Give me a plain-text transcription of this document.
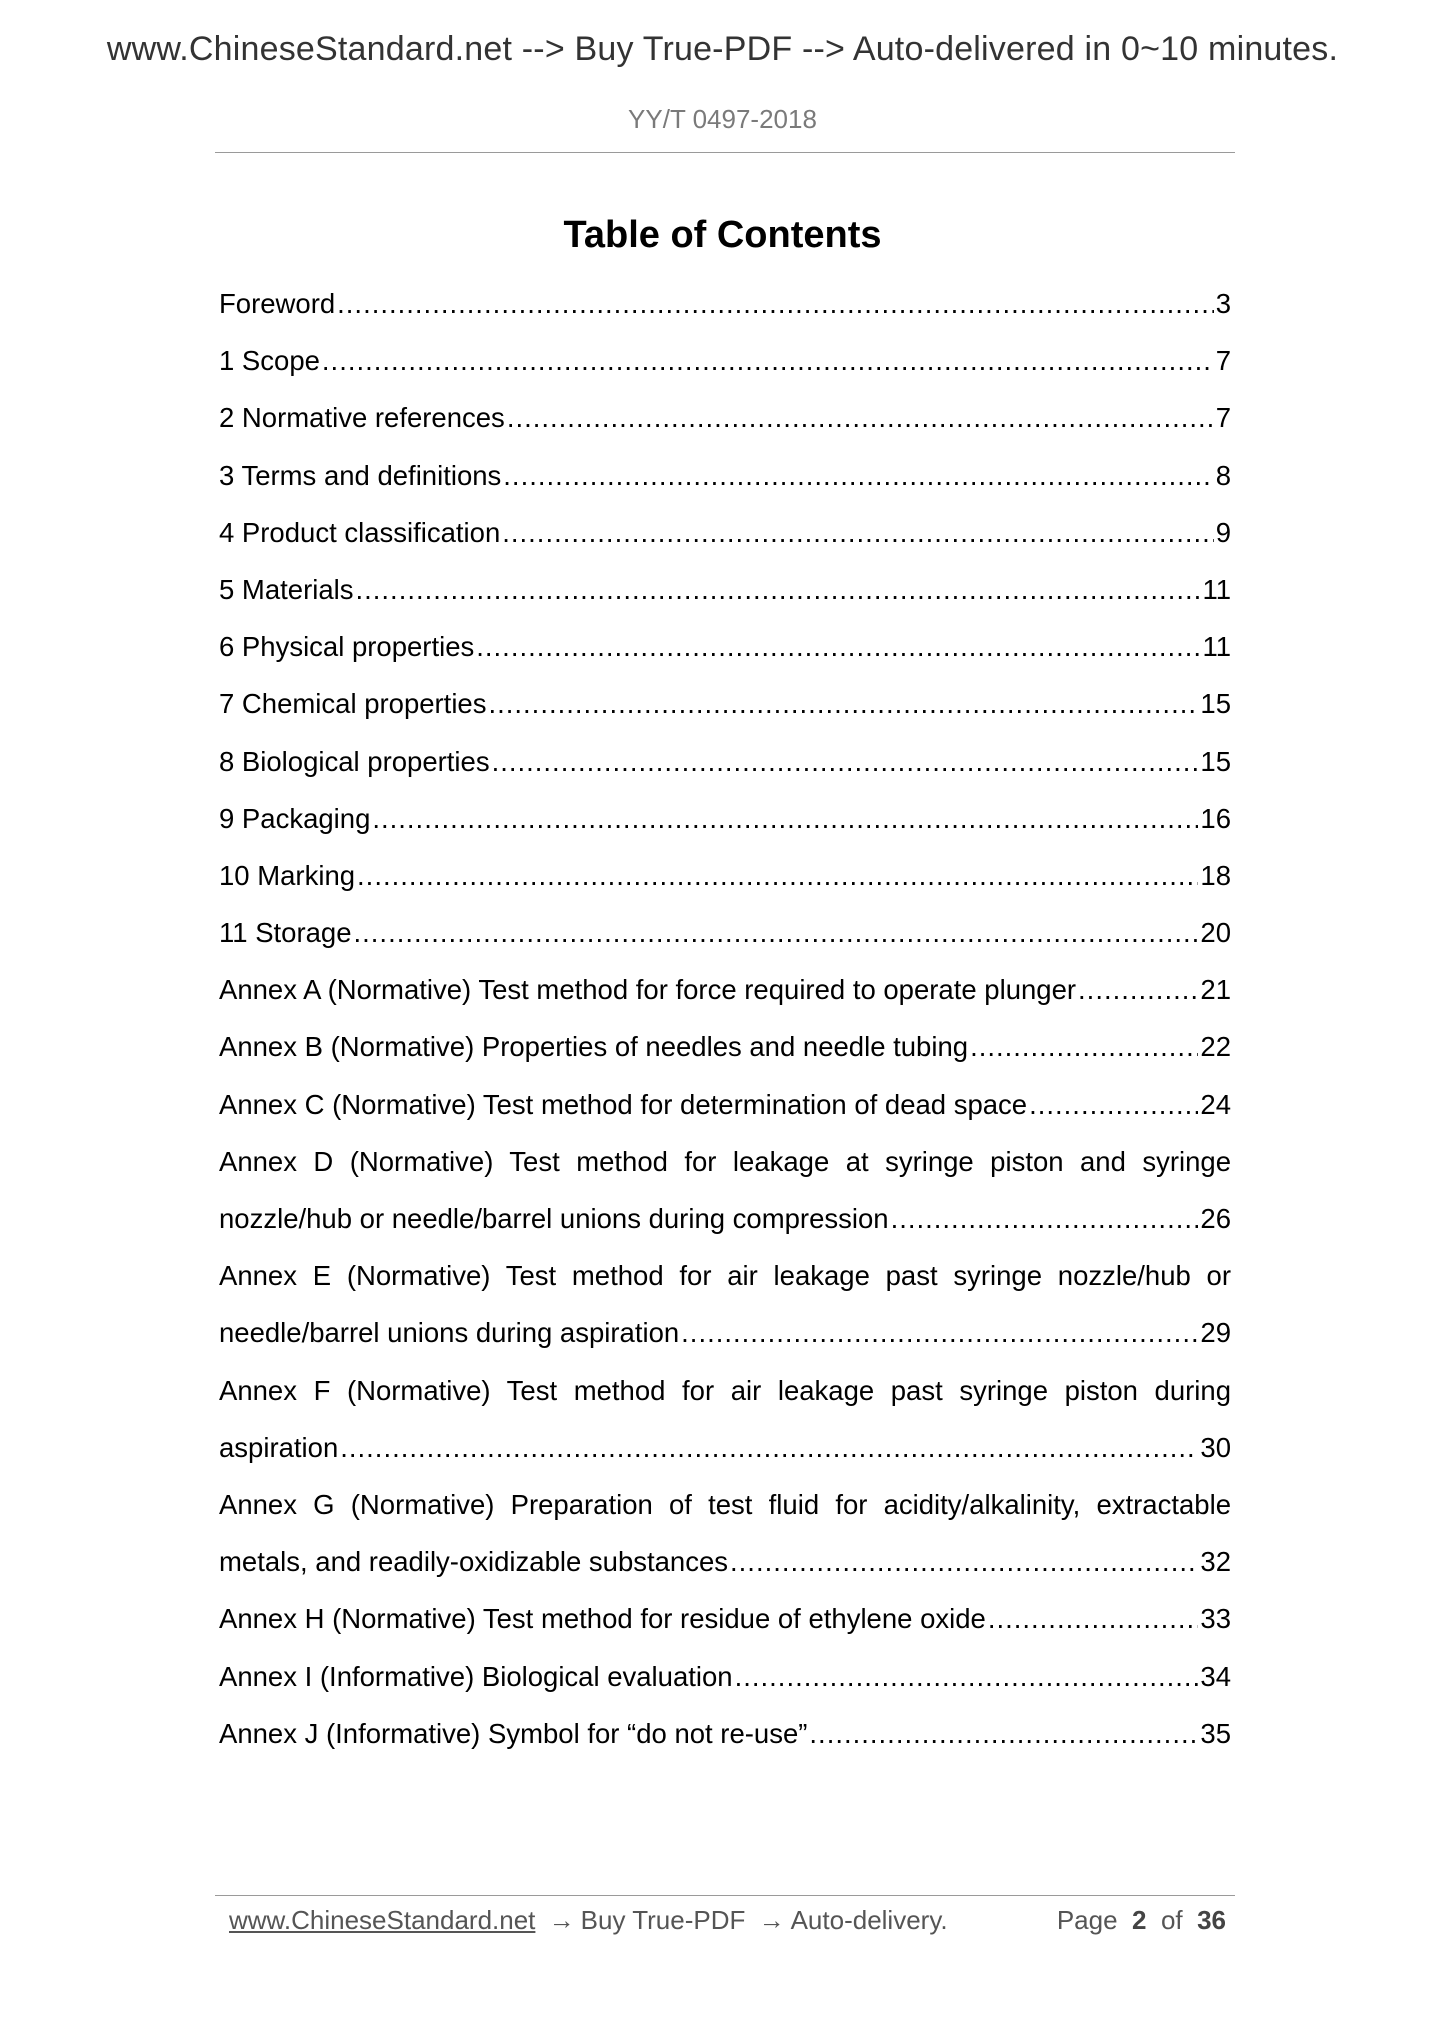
www.ChineseStandard.net --> Buy True-PDF --> Auto-delivered in 0~10 minutes.
YY/T 0497-2018
Table of Contents
Foreword .....	3
1 Scope .....	7
2 Normative references .....	7
3 Terms and definitions .....	8
4 Product classification .....	9
5 Materials .....	11
6 Physical properties .....	11
7 Chemical properties .....	15
8 Biological properties .....	15
9 Packaging .....	16
10 Marking .....	18
11 Storage .....	20
Annex A (Normative) Test method for force required to operate plunger .....	21
Annex B (Normative) Properties of needles and needle tubing .....	22
Annex C (Normative) Test method for determination of dead space .....	24
Annex D (Normative) Test method for leakage at syringe piston and syringe
nozzle/hub or needle/barrel unions during compression .....	26
Annex E (Normative) Test method for air leakage past syringe nozzle/hub or
needle/barrel unions during aspiration .....	29
Annex F (Normative) Test method for air leakage past syringe piston during
aspiration .....	30
Annex G (Normative) Preparation of test fluid for acidity/alkalinity, extractable
metals, and readily-oxidizable substances .....	32
Annex H (Normative) Test method for residue of ethylene oxide .....	33
Annex I (Informative) Biological evaluation .....	34
Annex J (Informative) Symbol for “do not re-use” .....	35
www.ChineseStandard.net → Buy True-PDF → Auto-delivery.	Page 2 of 36
